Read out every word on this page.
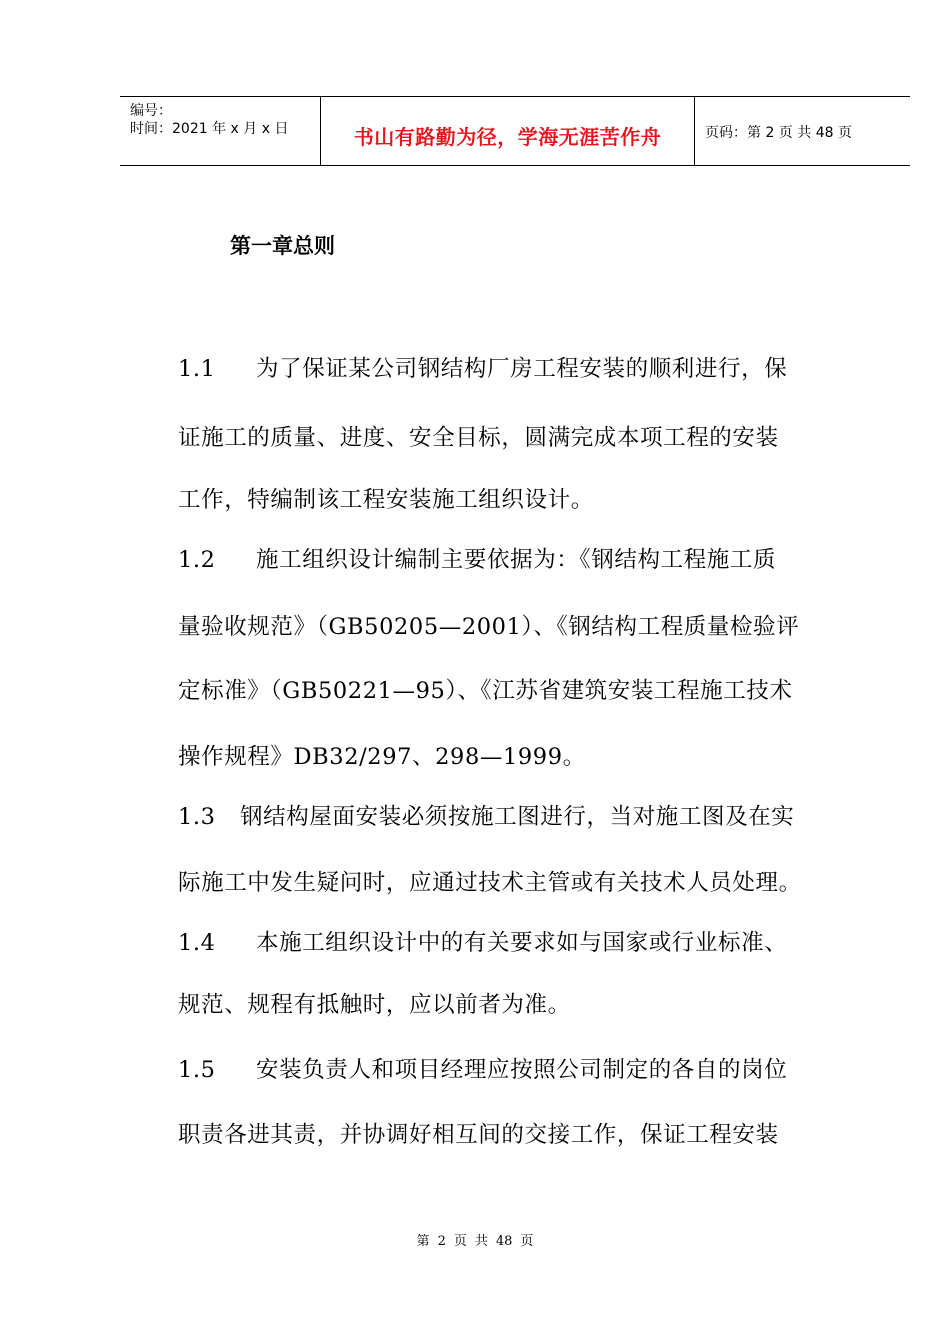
编号：
时间：2021 年 x 月 x 日	书山有路勤为径，学海无涯苦作舟	页码：第 2 页 共 48 页
第一章总则
1.1 为了保证某公司钢结构厂房工程安装的顺利进行，保
证施工的质量、进度、安全目标，圆满完成本项工程的安装
工作，特编制该工程安装施工组织设计。
1.2 施工组织设计编制主要依据为：《钢结构工程施工质
量验收规范》（GB50205—2001）、《钢结构工程质量检验评
定标准》（GB50221—95）、《江苏省建筑安装工程施工技术
操作规程》DB32/297、298—1999。
1.3 钢结构屋面安装必须按施工图进行，当对施工图及在实
际施工中发生疑问时，应通过技术主管或有关技术人员处理。
1.4 本施工组织设计中的有关要求如与国家或行业标准、
规范、规程有抵触时，应以前者为准。
1.5 安装负责人和项目经理应按照公司制定的各自的岗位
职责各进其责，并协调好相互间的交接工作，保证工程安装
第 2 页 共 48 页
